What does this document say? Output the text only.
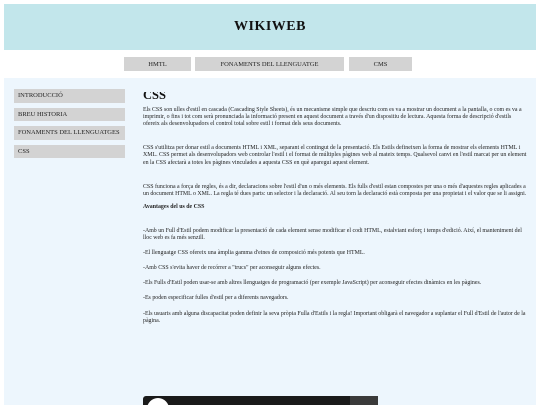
WIKIWEB
HMTL	FONAMENTS DEL LLENGUATGE	CMS
INTRODUCCIÓ
BREU HISTORIA
FONAMENTS DEL LLENGUATGES
CSS
CSS

Els CSS son ulles d'estil en cascada (Cascading Style Sheets), és un mecanisme simple que descriu com es va a mostrar un document a la pantalla, o com es va a imprimir, o fins i tot com serà pronunciada la informació present en aquest document a través d'un dispositiu de lectura. Aquesta forma de descripció d'estils ofereix als desenvolupadors el control total sobre estil i format dels seus documents.

CSS s'utilitza per donar estil a documents HTML i XML, separant el contingut de la presentació. Els Estils defineixen la forma de mostrar els elements HTML i XML. CSS permet als desenvolupadors web controlar l'estil i el format de múltiples pàgines web al mateix temps. Qualsevol canvi en l'estil marcat per un element en la CSS afectarà a totes les pàgines vinculades a aquesta CSS en què aparegui aquest element.

CSS funciona a força de regles, és a dir, declaracions sobre l'estil d'un o més elements. Els fulls d'estil estan compostes per una o més d'aquestes regles aplicades a un document HTML o XML. La regla té dues parts: un selector i la declaració. Al seu torn la declaració està composta per una propietat i el valor que se li assigni.

Avantages del us de CSS

-Amb un Full d'Estil podem modificar la presentació de cada element sense modificar el codi HTML, estalviant esforç i temps d'edició. Així, el manteniment del lloc web es fa més senzill.

-El llenguatge CSS ofereix una àmplia gamma d'eines de composició més potents que HTML.

-Amb CSS s'evita haver de recórrer a "trucs" per aconseguir alguns efectes.

-Els Fulls d'Estil poden usar-se amb altres llenguatges de programació (per exemple JavaScript) per aconseguir efectes dinàmics en les pàgines.

-Es poden especificar fulles d'estil per a diferents navegadors.

-Els usuaris amb alguna discapacitat poden definir la seva pròpia Fulla d'Estils i la regla! Important obligarà el navegador a suplantar el Full d'Estil de l'autor de la pàgina.
